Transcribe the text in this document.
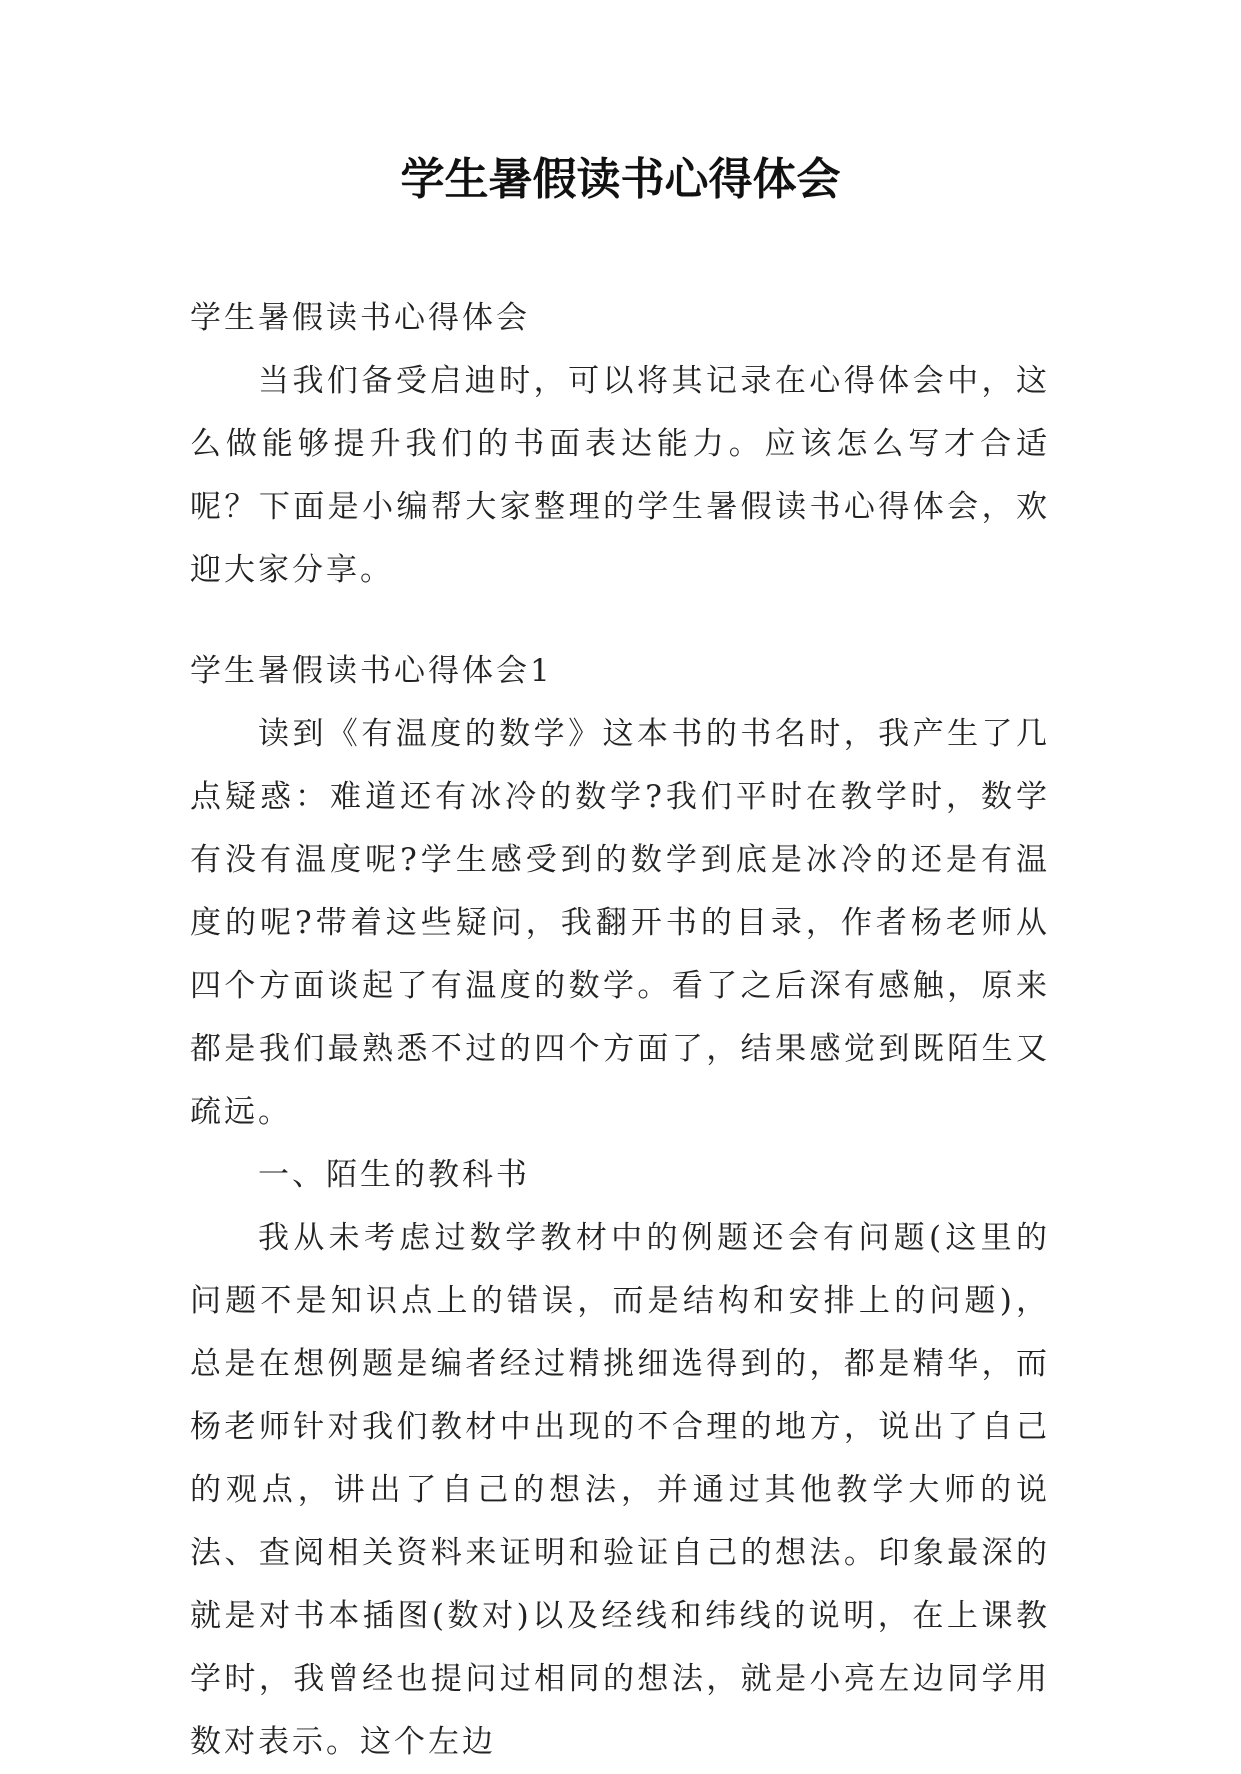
学生暑假读书心得体会

学生暑假读书心得体会

当我们备受启迪时，可以将其记录在心得体会中，这么做能够提升我们的书面表达能力。应该怎么写才合适呢？下面是小编帮大家整理的学生暑假读书心得体会，欢迎大家分享。

学生暑假读书心得体会1

读到《有温度的数学》这本书的书名时，我产生了几点疑惑：难道还有冰冷的数学?我们平时在教学时，数学有没有温度呢?学生感受到的数学到底是冰冷的还是有温度的呢?带着这些疑问，我翻开书的目录，作者杨老师从四个方面谈起了有温度的数学。看了之后深有感触，原来都是我们最熟悉不过的四个方面了，结果感觉到既陌生又疏远。

一、陌生的教科书

我从未考虑过数学教材中的例题还会有问题(这里的问题不是知识点上的错误，而是结构和安排上的问题)，总是在想例题是编者经过精挑细选得到的，都是精华，而杨老师针对我们教材中出现的不合理的地方，说出了自己的观点，讲出了自己的想法，并通过其他教学大师的说法、查阅相关资料来证明和验证自己的想法。印象最深的就是对书本插图(数对)以及经线和纬线的说明，在上课教学时，我曾经也提问过相同的想法，就是小亮左边同学用数对表示。这个左边
